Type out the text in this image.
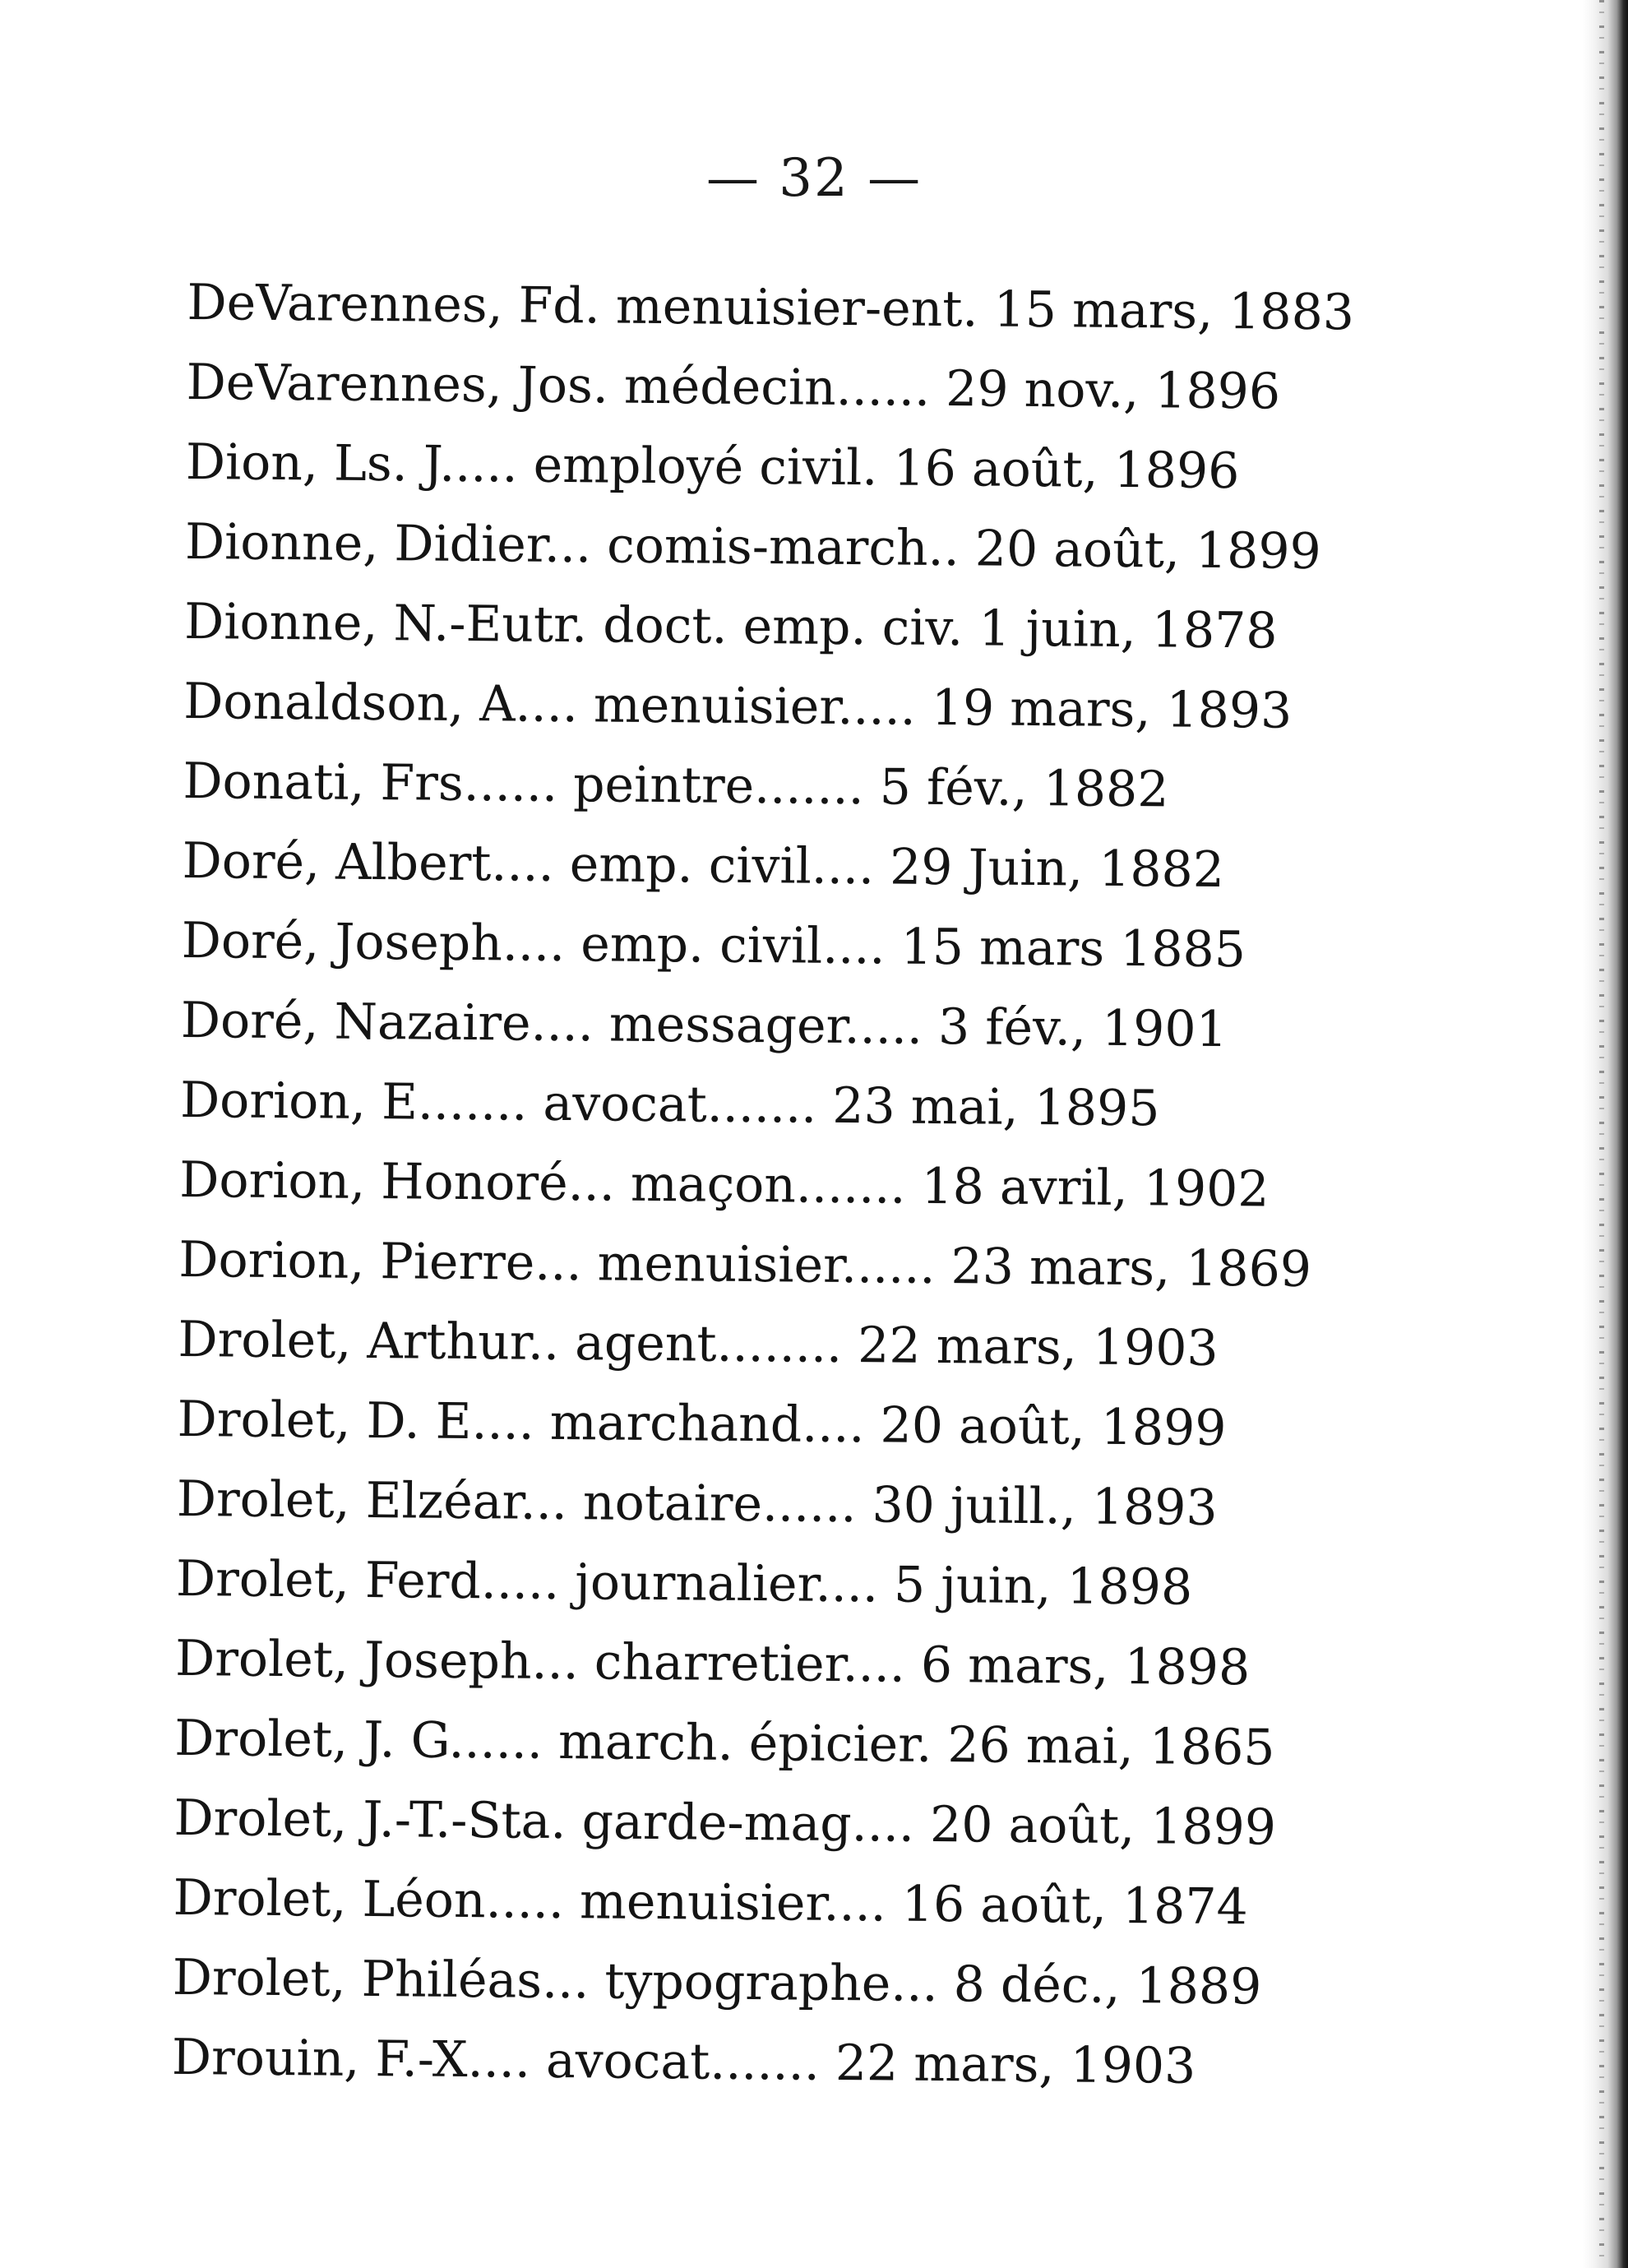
— 32 —
DeVarennes, Fd. menuisier-ent. 15 mars, 1883
DeVarennes, Jos. médecin...... 29 nov., 1896
Dion, Ls. J..... employé civil. 16 août, 1896
Dionne, Didier... comis-march.. 20 août, 1899
Dionne, N.-Eutr. doct. emp. civ. 1 juin, 1878
Donaldson, A.... menuisier..... 19 mars, 1893
Donati, Frs...... peintre....... 5 fév., 1882
Doré, Albert.... emp. civil.... 29 Juin, 1882
Doré, Joseph.... emp. civil.... 15 mars 1885
Doré, Nazaire.... messager..... 3 fév., 1901
Dorion, E....... avocat....... 23 mai, 1895
Dorion, Honoré... maçon....... 18 avril, 1902
Dorion, Pierre... menuisier...... 23 mars, 1869
Drolet, Arthur.. agent........ 22 mars, 1903
Drolet, D. E.... marchand.... 20 août, 1899
Drolet, Elzéar... notaire...... 30 juill., 1893
Drolet, Ferd..... journalier.... 5 juin, 1898
Drolet, Joseph... charretier.... 6 mars, 1898
Drolet, J. G...... march. épicier. 26 mai, 1865
Drolet, J.-T.-Sta. garde-mag.... 20 août, 1899
Drolet, Léon..... menuisier.... 16 août, 1874
Drolet, Philéas... typographe... 8 déc., 1889
Drouin, F.-X.... avocat....... 22 mars, 1903
